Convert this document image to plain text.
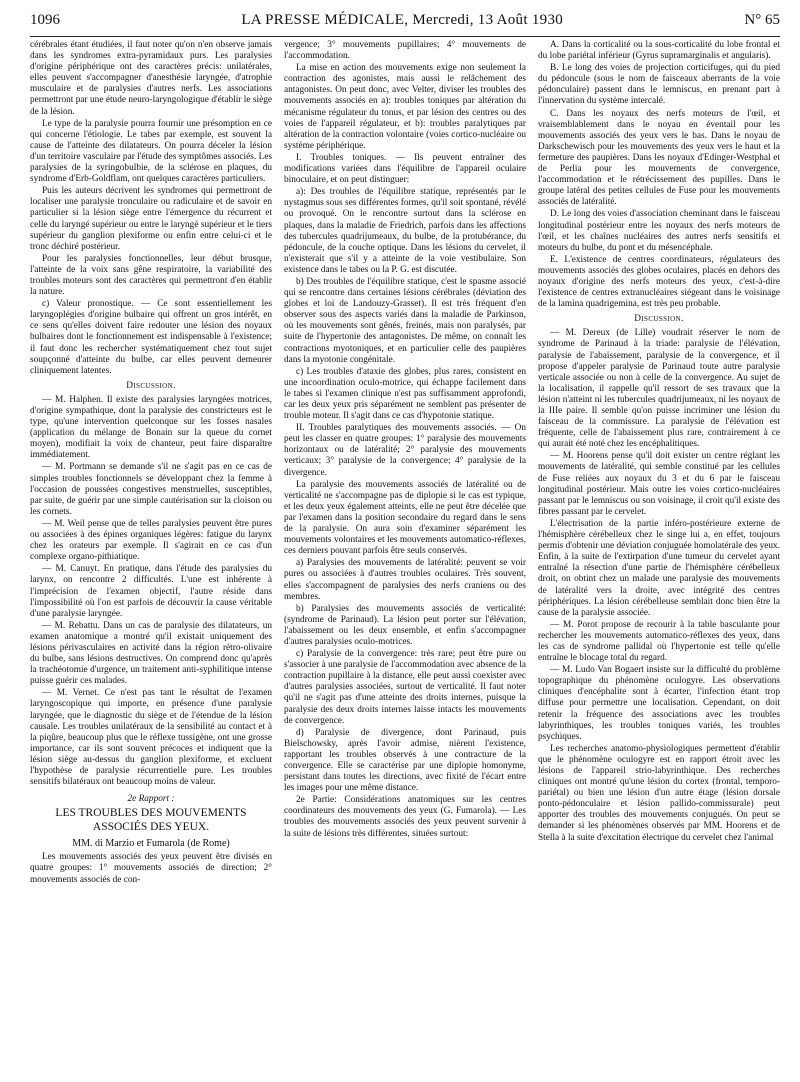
1096	LA PRESSE MÉDICALE, Mercredi, 13 Août 1930	N° 65

cérébrales étant étudiées, il faut noter qu'on n'en observe jamais dans les syndromes extra-pyramidaux purs. Les paralysies d'origine périphérique ont des caractères précis: unilatérales, elles peuvent s'accompagner d'anesthésie laryngée, d'atrophie musculaire et de paralysies d'autres nerfs. Les associations permettront par une étude neuro-laryngologique d'établir le siège de la lésion.

Le type de la paralysie pourra fournir une présomption en ce qui concerne l'étiologie. Le tabes par exemple, est souvent la cause de l'atteinte des dilatateurs. On pourra déceler la lésion d'un territoire vasculaire par l'étude des symptômes associés. Les paralysies de la syringobulbie, de la sclérose en plaques, du syndrome d'Erb-Goldflam, ont quelques caractères particuliers.

Puis les auteurs décrivent les syndromes qui permettront de localiser une paralysie tronculaire ou radiculaire et de savoir en particulier si la lésion siège entre l'émergence du récurrent et celle du laryngé supérieur ou entre le laryngé supérieur et le tiers supérieur du ganglion plexiforme ou enfin entre celui-ci et le tronc déchiré postérieur.

Pour les paralysies fonctionnelles, leur début brusque, l'atteinte de la voix sans gêne respiratoire, la variabilité des troubles moteurs sont des caractères qui permettront d'en établir la nature.

c) Valeur pronostique. — Ce sont essentiellement les laryngoplégies d'origine bulbaire qui offrent un gros intérêt, en ce sens qu'elles doivent faire redouter une lésion des noyaux bulbaires dont le fonctionnement est indispensable à l'existence; il faut donc les rechercher systématiquement chez tout sujet soupçonné d'atteinte du bulbe, car elles peuvent demeurer cliniquement latentes.

Discussion.

— M. Halphen. Il existe des paralysies laryngées motrices, d'origine sympathique, dont la paralysie des constricteurs est le type, qu'une intervention quelconque sur les fosses nasales (application du mélange de Bonain sur la queue du cornet moyen), modifiait la voix de chanteur, peut faire disparaître immédiatement.

— M. Portmann se demande s'il ne s'agit pas en ce cas de simples troubles fonctionnels se développant chez la femme à l'occasion de poussées congestives menstruelles, susceptibles, par suite, de guérir par une simple cautérisation sur la cloison ou les cornets.

— M. Weil pense que de telles paralysies peuvent être pures ou associées à des épines organiques légères: fatigue du larynx chez les orateurs par exemple. Il s'agirait en ce cas d'un complexe organo-pithiatique.

— M. Canuyt. En pratique, dans l'étude des paralysies du larynx, on rencontre 2 difficultés. L'une est inhérente à l'imprécision de l'examen objectif, l'autre réside dans l'impossibilité où l'on est parfois de découvrir la cause véritable d'une paralysie laryngée.

— M. Rebattu. Dans un cas de paralysie des dilatateurs, un examen anatomique a montré qu'il existait uniquement des lésions périvasculaires en activité dans la région rétro-olivaire du bulbe, sans lésions destructives. On comprend donc qu'après la trachéotomie d'urgence, un traitement anti-syphilitique intense puisse guérir ces malades.

— M. Vernet. Ce n'est pas tant le résultat de l'examen laryngoscopique qui importe, en présence d'une paralysie laryngée, que le diagnostic du siège et de l'étendue de la lésion causale. Les troubles unilatéraux de la sensibilité au contact et à la piqûre, beaucoup plus que le réflexe tussigène, ont une grosse importance, car ils sont souvent précoces et indiquent que la lésion siège au-dessus du ganglion plexiforme, et excluent l'hypothèse de paralysie récurrentielle pure. Les troubles sensitifs bilatéraux ont beaucoup moins de valeur.

2e Rapport :

LES TROUBLES DES MOUVEMENTS ASSOCIÉS DES YEUX.

MM. di Marzio et Fumarola (de Rome)

Les mouvements associés des yeux peuvent être divisés en quatre groupes: 1° mouvements associés de direction; 2° mouvements associés de con-

vergence; 3° mouvements pupillaires; 4° mouvements de l'accommodation.

La mise en action des mouvements exige non seulement la contraction des agonistes, mais aussi le relâchement des antagonistes. On peut donc, avec Velter, diviser les troubles des mouvements associés en a): troubles toniques par altération du mécanisme régulateur du tonus, et par lésion des centres ou des voies de l'appareil régulateur, et b): troubles paralytiques par altération de la contraction volontaire (voies cortico-nucléaire ou système périphérique.

I. Troubles toniques. — Ils peuvent entraîner des modifications variées dans l'équilibre de l'appareil oculaire binoculaire, et on peut distinguer:

a): Des troubles de l'équilibre statique, représentés par le nystagmus sous ses différentes formes, qu'il soit spontané, révélé ou provoqué. On le rencontre surtout dans la sclérose en plaques, dans la maladie de Friedrich, parfois dans les affections des tubercules quadrijumeaux, du bulbe, de la protubérance, du pédoncule, de la couche optique. Dans les lésions du cervelet, il n'existerait que s'il y a atteinte de la voie vestibulaire. Son existence dans le tabes ou la P. G. est discutée.

b) Des troubles de l'équilibre statique, c'est le spasme associé qui se rencontre dans certaines lésions cérébrales (déviation des globes et loi de Landouzy-Grasset). Il est très fréquent d'en observer sous des aspects variés dans la maladie de Parkinson, où les mouvements sont gênés, freinés, mais non paralysés, par suite de l'hypertonie des antagonistes. De même, on connaît les contractions myotoniques, et en particulier celle des paupières dans la myotonie congénitale.

c) Les troubles d'ataxie des globes, plus rares, consistent en une incoordination oculo-motrice, qui échappe facilement dans le tabes si l'examen clinique n'est pas suffisamment approfondi, car les deux yeux pris séparément ne semblent pas présenter de trouble moteur. Il s'agit dans ce cas d'hypotonie statique.

II. Troubles paralytiques des mouvements associés. — On peut les classer en quatre groupes: 1° paralysie des mouvements horizontaux ou de latéralité; 2° paralysie des mouvements verticaux; 3° paralysie de la convergence; 4° paralysie de la divergence.

La paralysie des mouvements associés de latéralité ou de verticalité ne s'accompagne pas de diplopie si le cas est typique, et les deux yeux également atteints, elle ne peut être décelée que par l'examen dans la position secondaire du regard dans le sens de la paralysie. On aura soin d'examiner séparément les mouvements volontaires et les mouvements automatico-réflexes, ces derniers pouvant parfois être seuls conservés.

a) Paralysies des mouvements de latéralité: peuvent se voir pures ou associées à d'autres troubles oculaires. Très souvent, elles s'accompagnent de paralysies des nerfs craniens ou des membres.

b) Paralysies des mouvements associés de verticalité: (syndrome de Parinaud). La lésion peut porter sur l'élévation, l'abaissement ou les deux ensemble, et enfin s'accompagner d'autres paralysies oculo-motrices.

c) Paralysie de la convergence: très rare; peut être pure ou s'associer à une paralysie de l'accommodation avec absence de la contraction pupillaire à la distance, elle peut aussi coexister avec d'autres paralysies associées, surtout de verticalité. Il faut noter qu'il ne s'agit pas d'une atteinte des droits internes, puisque la paralysie des deux droits internes laisse intacts les mouvements de convergence.

d) Paralysie de divergence, dont Parinaud, puis Bielschowsky, après l'avoir admise, nièrent l'existence, rapportant les troubles observés à une contracture de la convergence. Elle se caractérise par une diplopie homonyme, persistant dans toutes les directions, avec fixité de l'écart entre les images pour une même distance.

2e Partie: Considérations anatomiques sur les centres coordinateurs des mouvements des yeux (G. Fumarola). — Les troubles des mouvements associés des yeux peuvent survenir à la suite de lésions très différentes, situées surtout:

A. Dans la corticalité ou la sous-corticalité du lobe frontal et du lobe pariétal inférieur (Gyrus supramarginalis et angularis).

B. Le long des voies de projection corticifuges, qui du pied du pédoncule (sous le nom de faisceaux aberrants de la voie pédonculaire) passent dans le lemniscus, en prenant part à l'innervation du système intercalé.

C. Dans les noyaux des nerfs moteurs de l'œil, et vraisemblablement dans le noyau en éventail pour les mouvements associés des yeux vers le bas. Dans le noyau de Darkschewisch pour les mouvements des yeux vers le haut et la fermeture des paupières. Dans les noyaux d'Edinger-Westphal et de Perlia pour les mouvements de convergence, l'accommodation et le rétrécissement des pupilles. Dans le groupe latéral des petites cellules de Fuse pour les mouvements associés de latéralité.

D. Le long des voies d'association cheminant dans le faisceau longitudinal postérieur entre les noyaux des nerfs moteurs de l'œil, et les chaînes nucléaires des autres nerfs sensitifs et moteurs du bulbe, du pont et du mésencéphale.

E. L'existence de centres coordinateurs, régulateurs des mouvements associés des globes oculaires, placés en dehors des noyaux d'origine des nerfs moteurs des yeux, c'est-à-dire l'existence de centres extranucléaires siégeant dans le voisinage de la lamina quadrigemina, est très peu probable.

Discussion.

— M. Dereux (de Lille) voudrait réserver le nom de syndrome de Parinaud à la triade: paralysie de l'élévation, paralysie de l'abaissement, paralysie de la convergence, et il propose d'appeler paralysie de Parinaud toute autre paralysie verticale associée ou non à celle de la convergence. Au sujet de la localisation, il rappelle qu'il ressort de ses travaux que la lésion n'atteint ni les tubercules quadrijumeaux, ni les noyaux de la IIIe paire. Il semble qu'on puisse incriminer une lésion du faisceau de la commissure. La paralysie de l'élévation est fréquente, celle de l'abaissement plus rare, contrairement à ce qui aurait été noté chez les encéphalitiques.

— M. Hoorens pense qu'il doit exister un centre réglant les mouvements de latéralité, qui semble constitué par les cellules de Fuse reliées aux noyaux du 3 et du 6 par le faisceau longitudinal postérieur. Mais outre les voies cortico-nucléaires passant par le lemniscus ou son voisinage, il croit qu'il existe des fibres passant par le cervelet.

L'électrisation de la partie inféro-postérieure externe de l'hémisphère cérébelleux chez le singe lui a, en effet, toujours permis d'obtenir une déviation conjuguée homolatérale des yeux. Enfin, à la suite de l'extirpation d'une tumeur du cervelet ayant entraîné la résection d'une partie de l'hémisphère cérébelleux droit, on obtint chez un malade une paralysie des mouvements de latéralité vers la droite, avec intégrité des centres périphériques. La lésion cérébelleuse semblait donc bien être la cause de la paralysie associée.

— M. Porot propose de recourir à la table basculante pour rechercher les mouvements automatico-réflexes des yeux, dans les cas de syndrome pallidal où l'hypertonie est telle qu'elle entraîne le blocage total du regard.

— M. Ludo Van Bogaert insiste sur la difficulté du problème topographique du phénomène oculogyre. Les observations cliniques d'encéphalite sont à écarter, l'infection étant trop diffuse pour permettre une localisation. Cependant, on doit retenir la fréquence des associations avec les troubles labyrinthiques, les troubles toniques variés, les troubles psychiques.

Les recherches anatomo-physiologiques permettent d'établir que le phénomène oculogyre est en rapport étroit avec les lésions de l'appareil strio-labyrinthique. Des recherches cliniques ont montré qu'une lésion du cortex (frontal, temporo-pariétal) ou bien une lésion d'un autre étage (lésion dorsale ponto-pédonculaire et lésion pallido-commissurale) peut apporter des troubles des mouvements conjugués. On peut se demander si les phénomènes observés par MM. Hoorens et de Stella à la suite d'excitation électrique du cervelet chez l'animal
